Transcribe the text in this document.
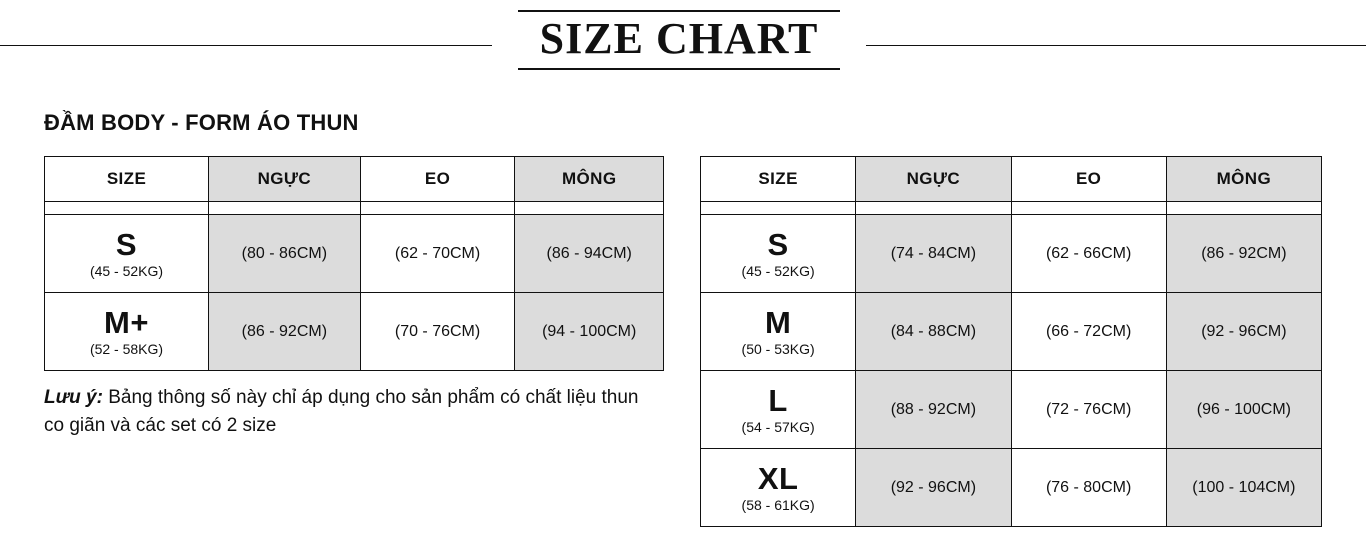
SIZE CHART
ĐẦM BODY - FORM ÁO THUN
SIZE	NGỰC	EO	MÔNG

S
(45 - 52KG)	(80 - 86CM)	(62 - 70CM)	(86 - 94CM)

M+
(52 - 58KG)	(86 - 92CM)	(70 - 76CM)	(94 - 100CM)
SIZE	NGỰC	EO	MÔNG

S
(45 - 52KG)	(74 - 84CM)	(62 - 66CM)	(86 - 92CM)

M
(50 - 53KG)	(84 - 88CM)	(66 - 72CM)	(92 - 96CM)

L
(54 - 57KG)	(88 - 92CM)	(72 - 76CM)	(96 - 100CM)

XL
(58 - 61KG)	(92 - 96CM)	(76 - 80CM)	(100 - 104CM)
Lưu ý: Bảng thông số này chỉ áp dụng cho sản phẩm có chất liệu thun co giãn và các set có 2 size
